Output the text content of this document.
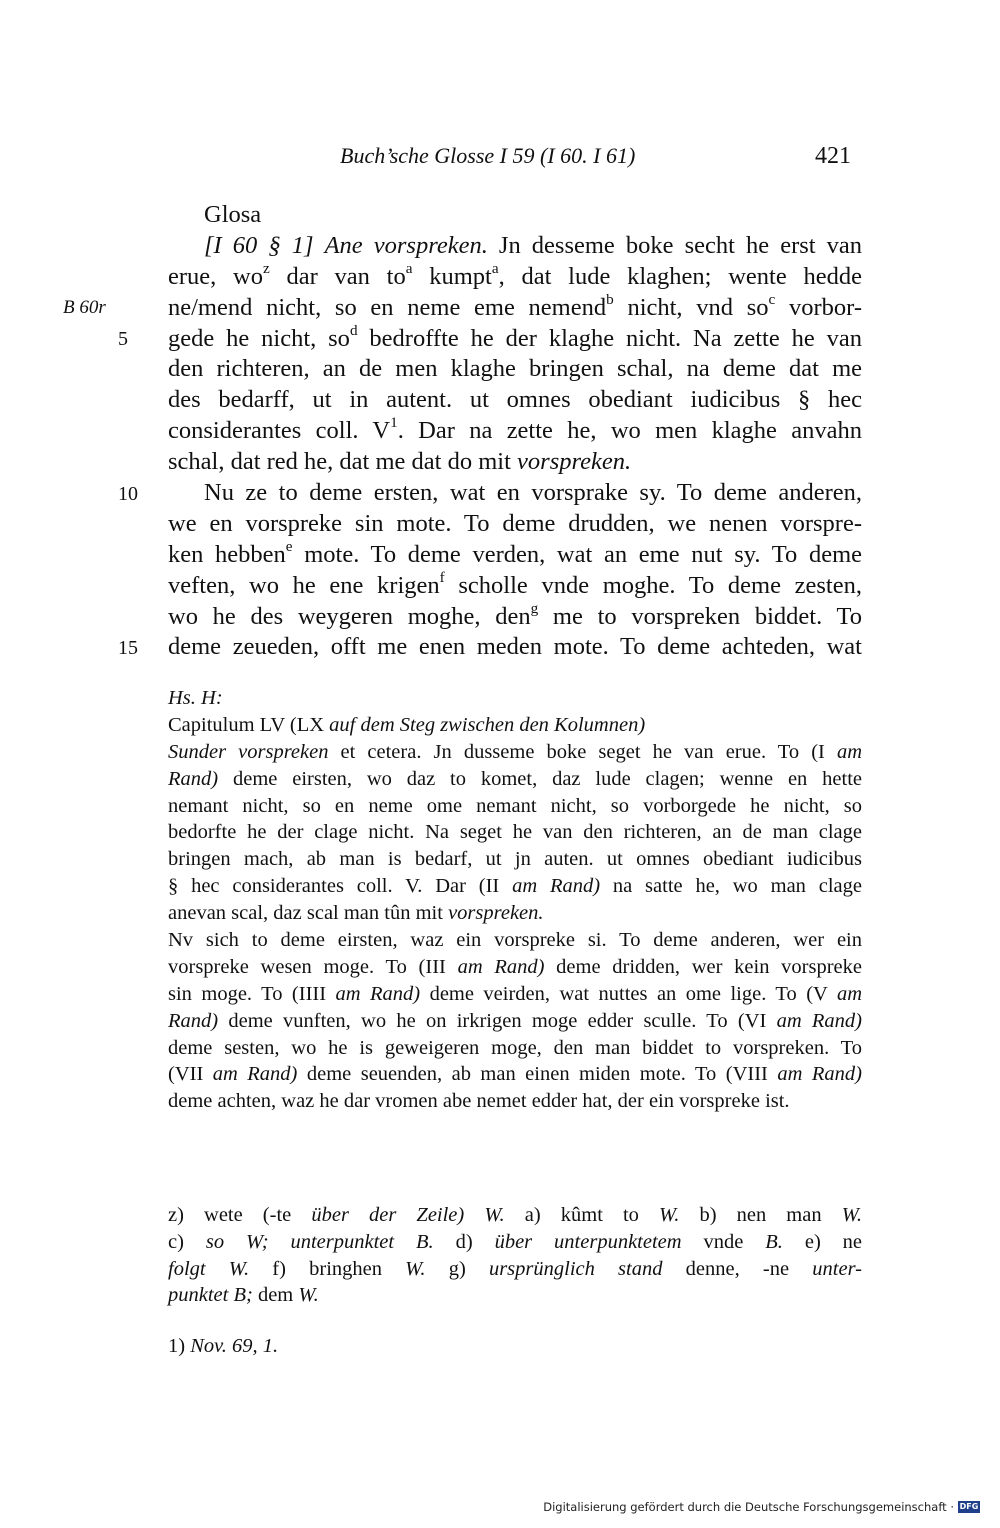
Buch’sche Glosse I 59 (I 60. I 61)	421
B 60r
5
10
15
Glosa
[I 60 § 1] Ane vorspreken. Jn desseme boke secht he erst van
erue, $wo^z$ dar van $to^a$ kumpt$^a$, dat lude klaghen; wente hedde
ne/mend nicht, so en neme eme nemend$^b$ nicht, vnd $so^c$ vorbor-
gede he nicht, $so^d$ bedroffte he der klaghe nicht. Na zette he van
den richteren, an de men klaghe bringen schal, na deme dat me
des bedarff, ut in autent. ut omnes obediant iudicibus § hec
considerantes coll. $V^1$. Dar na zette he, wo men klaghe anvahn
schal, dat red he, dat me dat do mit vorspreken.
Nu ze to deme ersten, wat en vorsprake sy. To deme anderen,
we en vorspreke sin mote. To deme drudden, we nenen vorspre-
ken hebben$^e$ mote. To deme verden, wat an eme nut sy. To deme
veften, wo he ene krigen$^f$ scholle vnde moghe. To deme zesten,
wo he des weygeren moghe, den$^g$ me to vorspreken biddet. To
deme zeueden, offt me enen meden mote. To deme achteden, wat
Hs. H:
Capitulum LV (LX auf dem Steg zwischen den Kolumnen)
Sunder vorspreken et cetera. Jn dusseme boke seget he van erue. To (I am
Rand) deme eirsten, wo daz to komet, daz lude clagen; wenne en hette
nemant nicht, so en neme ome nemant nicht, so vorborgede he nicht, so
bedorfte he der clage nicht. Na seget he van den richteren, an de man clage
bringen mach, ab man is bedarf, ut jn auten. ut omnes obediant iudicibus
§ hec considerantes coll. V. Dar (II am Rand) na satte he, wo man clage
anevan scal, daz scal man tûn mit vorspreken.
Nv sich to deme eirsten, waz ein vorspreke si. To deme anderen, wer ein
vorspreke wesen moge. To (III am Rand) deme dridden, wer kein vorspreke
sin moge. To (IIII am Rand) deme veirden, wat nuttes an ome lige. To (V am
Rand) deme vunften, wo he on irkrigen moge edder sculle. To (VI am Rand)
deme sesten, wo he is geweigeren moge, den man biddet to vorspreken. To
(VII am Rand) deme seuenden, ab man einen miden mote. To (VIII am Rand)
deme achten, waz he dar vromen abe nemet edder hat, der ein vorspreke ist.
z) wete (-te über der Zeile) W. a) kûmt to W. b) nen man W.
c) so W; unterpunktet B. d) über unterpunktetem vnde B. e) ne
folgt W. f) bringhen W. g) ursprünglich stand denne, -ne unter-
punktet B; dem W.
1) Nov. 69, 1.
Digitalisierung gefördert durch die Deutsche Forschungsgemeinschaft · DFG
